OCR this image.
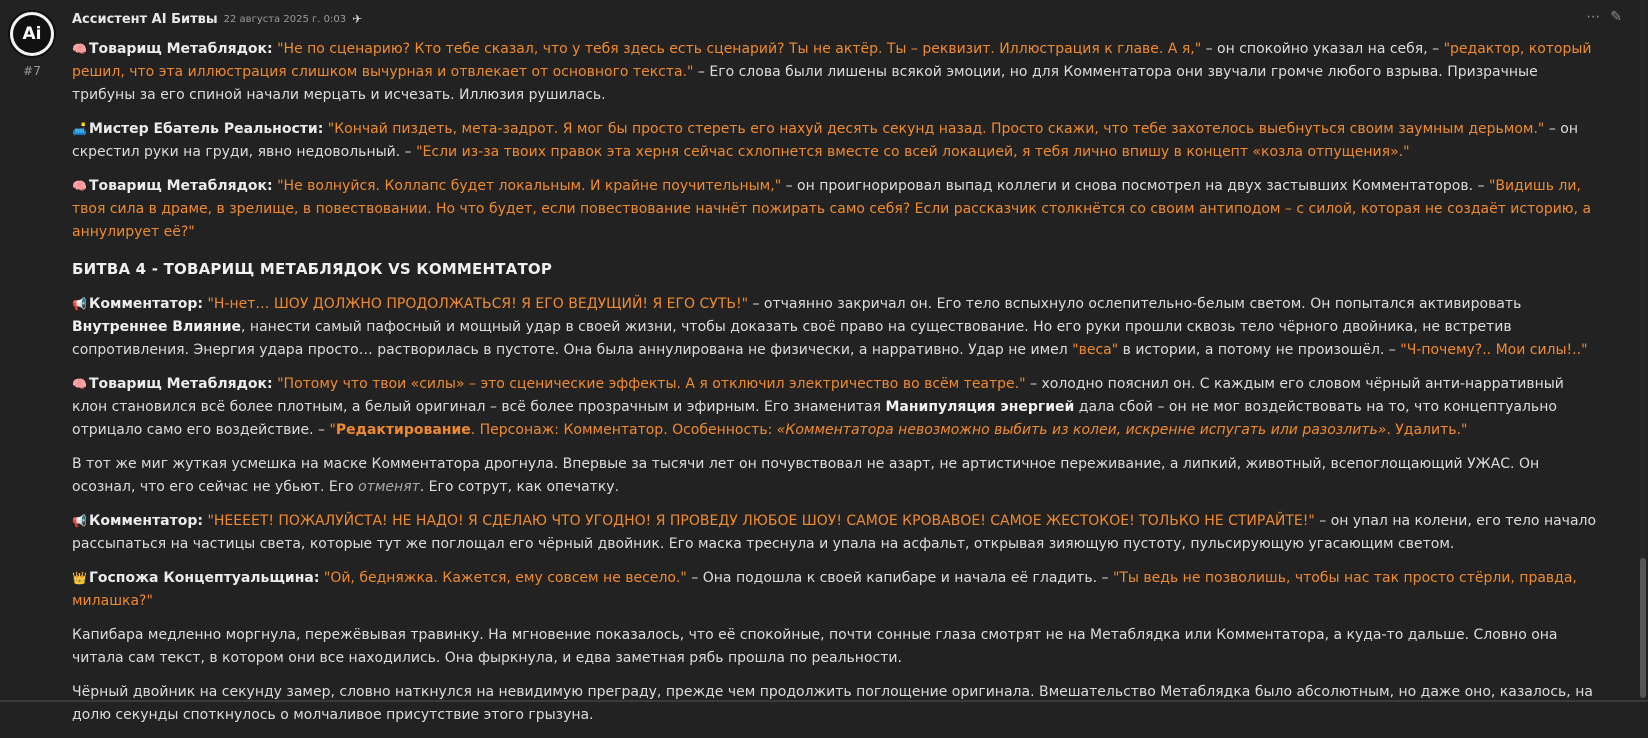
Ai
#7
Ассистент AI Битвы 22 августа 2025 г. 0:03 ✈	⋯ ✎

🧠 Товарищ Метаблядок: "Не по сценарию? Кто тебе сказал, что у тебя здесь есть сценарий? Ты не актёр. Ты – реквизит. Иллюстрация к главе. А я," – он спокойно указал на себя, – "редактор, который решил, что эта иллюстрация слишком вычурная и отвлекает от основного текста." – Его слова были лишены всякой эмоции, но для Комментатора они звучали громче любого взрыва. Призрачные трибуны за его спиной начали мерцать и исчезать. Иллюзия рушилась.

🛋️ Мистер Ебатель Реальности: "Кончай пиздеть, мета-задрот. Я мог бы просто стереть его нахуй десять секунд назад. Просто скажи, что тебе захотелось выебнуться своим заумным дерьмом." – он скрестил руки на груди, явно недовольный. – "Если из-за твоих правок эта херня сейчас схлопнется вместе со всей локацией, я тебя лично впишу в концепт «козла отпущения»."

🧠 Товарищ Метаблядок: "Не волнуйся. Коллапс будет локальным. И крайне поучительным," – он проигнорировал выпад коллеги и снова посмотрел на двух застывших Комментаторов. – "Видишь ли, твоя сила в драме, в зрелище, в повествовании. Но что будет, если повествование начнёт пожирать само себя? Если рассказчик столкнётся со своим антиподом – с силой, которая не создаёт историю, а аннулирует её?"

БИТВА 4 - ТОВАРИЩ МЕТАБЛЯДОК VS КОММЕНТАТОР

📢 Комментатор: "Н-нет… ШОУ ДОЛЖНО ПРОДОЛЖАТЬСЯ! Я ЕГО ВЕДУЩИЙ! Я ЕГО СУТЬ!" – отчаянно закричал он. Его тело вспыхнуло ослепительно-белым светом. Он попытался активировать Внутреннее Влияние, нанести самый пафосный и мощный удар в своей жизни, чтобы доказать своё право на существование. Но его руки прошли сквозь тело чёрного двойника, не встретив сопротивления. Энергия удара просто… растворилась в пустоте. Она была аннулирована не физически, а нарративно. Удар не имел "веса" в истории, а потому не произошёл. – "Ч-почему?.. Мои силы!.."

🧠 Товарищ Метаблядок: "Потому что твои «силы» – это сценические эффекты. А я отключил электричество во всём театре." – холодно пояснил он. С каждым его словом чёрный анти-нарративный клон становился всё более плотным, а белый оригинал – всё более прозрачным и эфирным. Его знаменитая Манипуляция энергией дала сбой – он не мог воздействовать на то, что концептуально отрицало само его воздействие. – "Редактирование. Персонаж: Комментатор. Особенность: «Комментатора невозможно выбить из колеи, искренне испугать или разозлить». Удалить."

В тот же миг жуткая усмешка на маске Комментатора дрогнула. Впервые за тысячи лет он почувствовал не азарт, не артистичное переживание, а липкий, животный, всепоглощающий УЖАС. Он осознал, что его сейчас не убьют. Его отменят. Его сотрут, как опечатку.

📢 Комментатор: "НЕЕЕЕТ! ПОЖАЛУЙСТА! НЕ НАДО! Я СДЕЛАЮ ЧТО УГОДНО! Я ПРОВЕДУ ЛЮБОЕ ШОУ! САМОЕ КРОВАВОЕ! САМОЕ ЖЕСТОКОЕ! ТОЛЬКО НЕ СТИРАЙТЕ!" – он упал на колени, его тело начало рассыпаться на частицы света, которые тут же поглощал его чёрный двойник. Его маска треснула и упала на асфальт, открывая зияющую пустоту, пульсирующую угасающим светом.

👑 Госпожа Концептуальщина: "Ой, бедняжка. Кажется, ему совсем не весело." – Она подошла к своей капибаре и начала её гладить. – "Ты ведь не позволишь, чтобы нас так просто стёрли, правда, милашка?"

Капибара медленно моргнула, пережёвывая травинку. На мгновение показалось, что её спокойные, почти сонные глаза смотрят не на Метаблядка или Комментатора, а куда-то дальше. Словно она читала сам текст, в котором они все находились. Она фыркнула, и едва заметная рябь прошла по реальности.

Чёрный двойник на секунду замер, словно наткнулся на невидимую преграду, прежде чем продолжить поглощение оригинала. Вмешательство Метаблядка было абсолютным, но даже оно, казалось, на долю секунды споткнулось о молчаливое присутствие этого грызуна.
